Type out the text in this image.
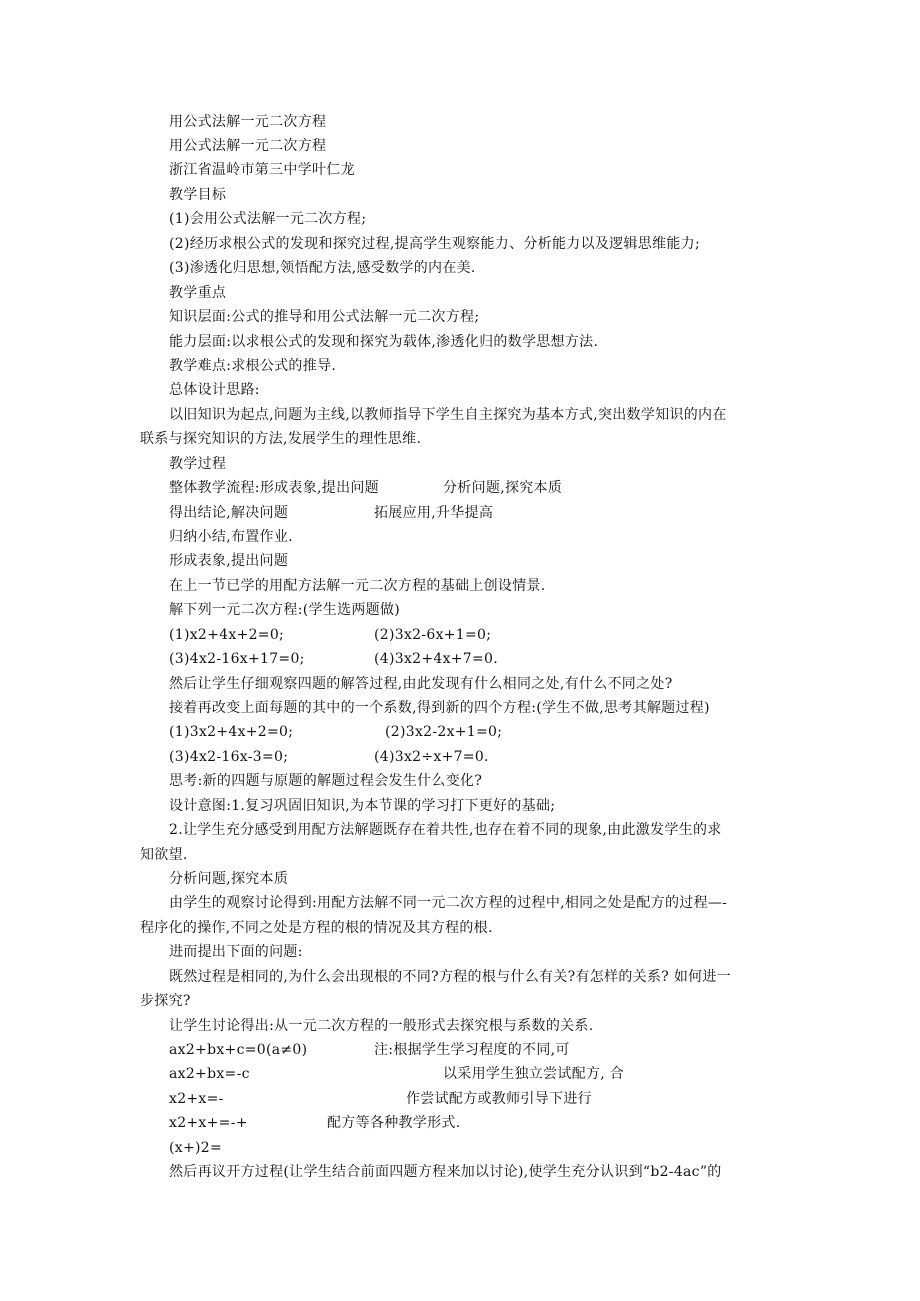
用公式法解一元二次方程
用公式法解一元二次方程
浙江省温岭市第三中学叶仁龙
教学目标
(1)会用公式法解一元二次方程;
(2)经历求根公式的发现和探究过程,提高学生观察能力、分析能力以及逻辑思维能力;
(3)渗透化归思想,领悟配方法,感受数学的内在美.
教学重点
知识层面:公式的推导和用公式法解一元二次方程;
能力层面:以求根公式的发现和探究为载体,渗透化归的数学思想方法.
教学难点:求根公式的推导.
总体设计思路:
以旧知识为起点,问题为主线,以教师指导下学生自主探究为基本方式,突出数学知识的内在
联系与探究知识的方法,发展学生的理性思维.
教学过程
整体教学流程:形成表象,提出问题	分析问题,探究本质
得出结论,解决问题	拓展应用,升华提高
归纳小结,布置作业.
形成表象,提出问题
在上一节已学的用配方法解一元二次方程的基础上创设情景.
解下列一元二次方程:(学生选两题做)
(1)x2+4x+2=0;	(2)3x2-6x+1=0;
(3)4x2-16x+17=0;	(4)3x2+4x+7=0.
然后让学生仔细观察四题的解答过程,由此发现有什么相同之处,有什么不同之处?
接着再改变上面每题的其中的一个系数,得到新的四个方程:(学生不做,思考其解题过程)
(1)3x2+4x+2=0;	(2)3x2-2x+1=0;
(3)4x2-16x-3=0;	(4)3x2÷x+7=0.
思考:新的四题与原题的解题过程会发生什么变化?
设计意图:1.复习巩固旧知识,为本节课的学习打下更好的基础;
2.让学生充分感受到用配方法解题既存在着共性,也存在着不同的现象,由此激发学生的求
知欲望.
分析问题,探究本质
由学生的观察讨论得到:用配方法解不同一元二次方程的过程中,相同之处是配方的过程—-
程序化的操作,不同之处是方程的根的情况及其方程的根.
进而提出下面的问题:
既然过程是相同的,为什么会出现根的不同?方程的根与什么有关?有怎样的关系? 如何进一
步探究?
让学生讨论得出:从一元二次方程的一般形式去探究根与系数的关系.
ax2+bx+c=0(a≠0)	注:根据学生学习程度的不同,可
ax2+bx=-c	以采用学生独立尝试配方, 合
x2+x=-	作尝试配方或教师引导下进行
x2+x+=-+	配方等各种教学形式.
(x+)2=
然后再议开方过程(让学生结合前面四题方程来加以讨论),使学生充分认识到“b2-4ac”的
